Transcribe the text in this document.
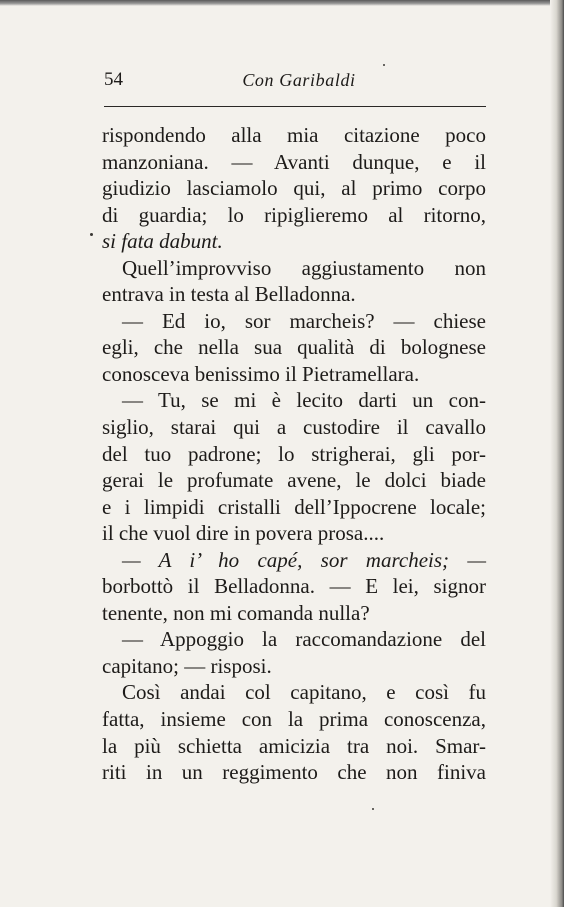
54	Con Garibaldi
rispondendo alla mia citazione poco
manzoniana. — Avanti dunque, e il
giudizio lasciamolo qui, al primo corpo
di guardia; lo ripiglieremo al ritorno,
si fata dabunt.
Quell’improvviso aggiustamento non
entrava in testa al Belladonna.
— Ed io, sor marcheis? — chiese
egli, che nella sua qualità di bolognese
conosceva benissimo il Pietramellara.
— Tu, se mi è lecito darti un con-
siglio, starai qui a custodire il cavallo
del tuo padrone; lo strigherai, gli por-
gerai le profumate avene, le dolci biade
e i limpidi cristalli dell’Ippocrene locale;
il che vuol dire in povera prosa....
— A i’ ho capé, sor marcheis; —
borbottò il Belladonna. — E lei, signor
tenente, non mi comanda nulla?
— Appoggio la raccomandazione del
capitano; — risposi.
Così andai col capitano, e così fu
fatta, insieme con la prima conoscenza,
la più schietta amicizia tra noi. Smar-
riti in un reggimento che non finiva
